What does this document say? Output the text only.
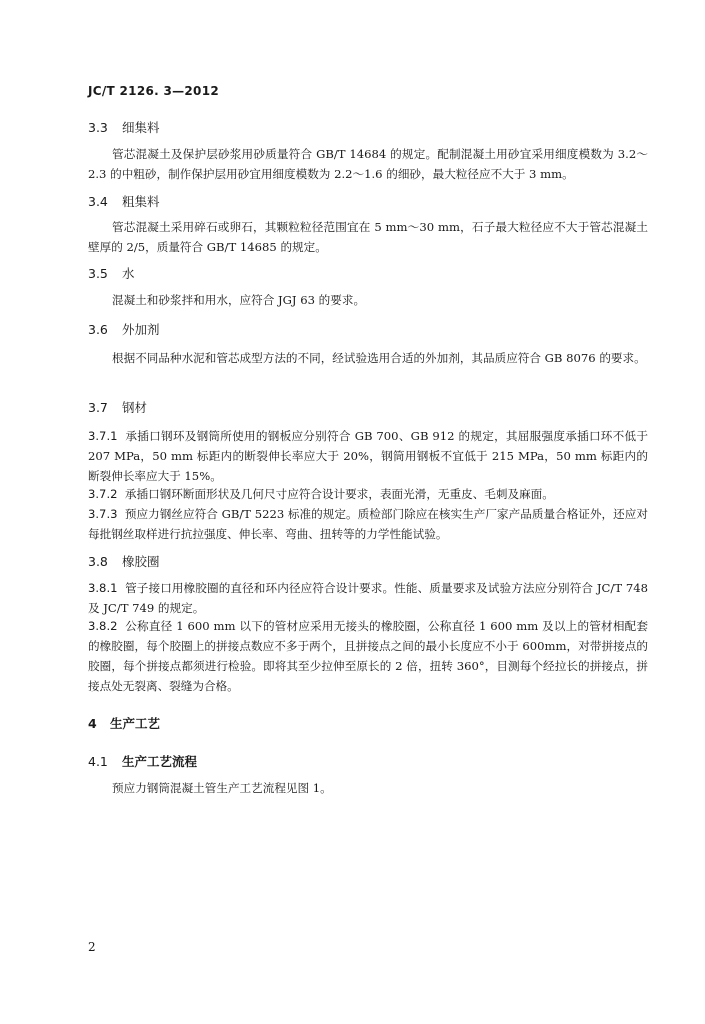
JC/T 2126. 3—2012
3.3 细集料
管芯混凝土及保护层砂浆用砂质量符合 GB/T 14684 的规定。配制混凝土用砂宜采用细度模数为 3.2～2.3 的中粗砂，制作保护层用砂宜用细度模数为 2.2～1.6 的细砂，最大粒径应不大于 3 mm。
3.4 粗集料
管芯混凝土采用碎石或卵石，其颗粒粒径范围宜在 5 mm～30 mm，石子最大粒径应不大于管芯混凝土壁厚的 2/5，质量符合 GB/T 14685 的规定。
3.5 水
混凝土和砂浆拌和用水，应符合 JGJ 63 的要求。
3.6 外加剂
根据不同品种水泥和管芯成型方法的不同，经试验选用合适的外加剂，其品质应符合 GB 8076 的要求。
3.7 钢材
3.7.1 承插口钢环及钢筒所使用的钢板应分别符合 GB 700、GB 912 的规定，其屈服强度承插口环不低于 207 MPa，50 mm 标距内的断裂伸长率应大于 20%，钢筒用钢板不宜低于 215 MPa，50 mm 标距内的断裂伸长率应大于 15%。
3.7.2 承插口钢环断面形状及几何尺寸应符合设计要求，表面光滑，无重皮、毛刺及麻面。
3.7.3 预应力钢丝应符合 GB/T 5223 标准的规定。质检部门除应在核实生产厂家产品质量合格证外，还应对每批钢丝取样进行抗拉强度、伸长率、弯曲、扭转等的力学性能试验。
3.8 橡胶圈
3.8.1 管子接口用橡胶圈的直径和环内径应符合设计要求。性能、质量要求及试验方法应分别符合 JC/T 748 及 JC/T 749 的规定。
3.8.2 公称直径 1 600 mm 以下的管材应采用无接头的橡胶圈，公称直径 1 600 mm 及以上的管材相配套的橡胶圈，每个胶圈上的拼接点数应不多于两个，且拼接点之间的最小长度应不小于 600mm，对带拼接点的胶圈，每个拼接点都须进行检验。即将其至少拉伸至原长的 2 倍，扭转 360°，目测每个经拉长的拼接点，拼接点处无裂离、裂缝为合格。
4 生产工艺
4.1 生产工艺流程
预应力钢筒混凝土管生产工艺流程见图 1。
2
